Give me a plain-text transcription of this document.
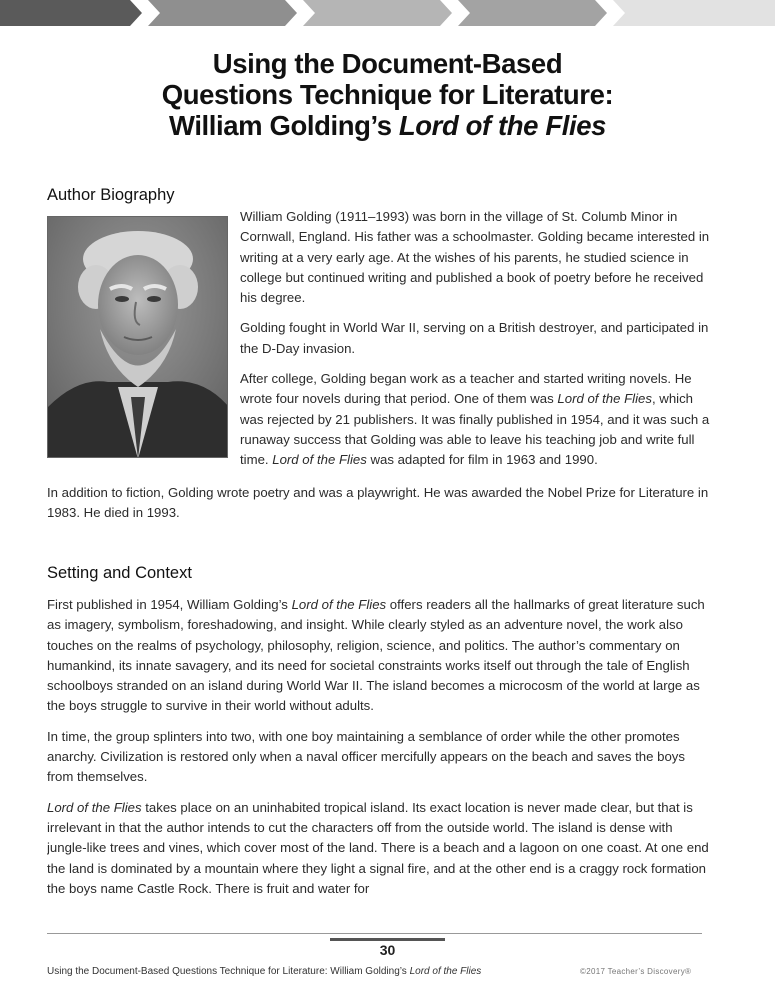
Using the Document-Based
Questions Technique for Literature:
William Golding’s Lord of the Flies
Author Biography

William Golding (1911–1993) was born in the village of St. Columb Minor in Cornwall, England. His father was a schoolmaster. Golding became interested in writing at a very early age. At the wishes of his parents, he studied science in college but continued writing and published a book of poetry before he received his degree.

Golding fought in World War II, serving on a British destroyer, and participated in the D-Day invasion.

After college, Golding began work as a teacher and started writing novels. He wrote four novels during that period. One of them was Lord of the Flies, which was rejected by 21 publishers. It was finally published in 1954, and it was such a runaway success that Golding was able to leave his teaching job and write full time. Lord of the Flies was adapted for film in 1963 and 1990.

In addition to fiction, Golding wrote poetry and was a playwright. He was awarded the Nobel Prize for Literature in 1983. He died in 1993.

Setting and Context

First published in 1954, William Golding’s Lord of the Flies offers readers all the hallmarks of great literature such as imagery, symbolism, foreshadowing, and insight. While clearly styled as an adventure novel, the work also touches on the realms of psychology, philosophy, religion, science, and politics. The author’s commentary on humankind, its innate savagery, and its need for societal constraints works itself out through the tale of English schoolboys stranded on an island during World War II. The island becomes a microcosm of the world at large as the boys struggle to survive in their world without adults.

In time, the group splinters into two, with one boy maintaining a semblance of order while the other promotes anarchy. Civilization is restored only when a naval officer mercifully appears on the beach and saves the boys from themselves.

Lord of the Flies takes place on an uninhabited tropical island. Its exact location is never made clear, but that is irrelevant in that the author intends to cut the characters off from the outside world. The island is dense with jungle-like trees and vines, which cover most of the land. There is a beach and a lagoon on one coast. At one end the land is dominated by a mountain where they light a signal fire, and at the other end is a craggy rock formation the boys name Castle Rock. There is fruit and water for

30
Using the Document-Based Questions Technique for Literature: William Golding’s Lord of the Flies	©2017 Teacher’s Discovery®
